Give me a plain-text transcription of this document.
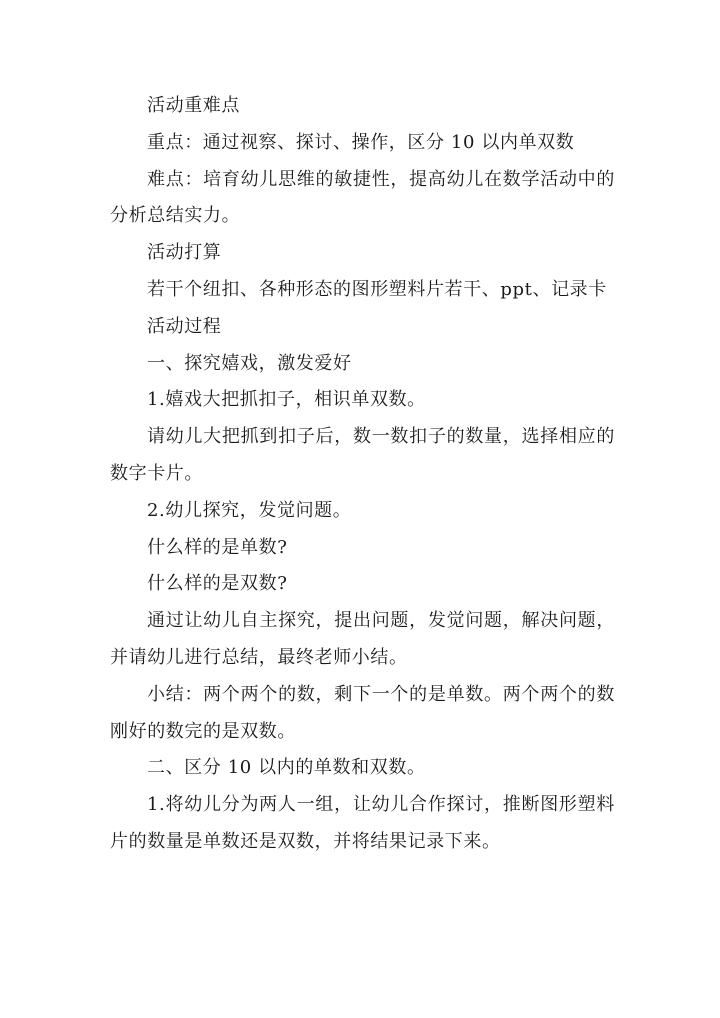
活动重难点

重点：通过视察、探讨、操作，区分 10 以内单双数

难点：培育幼儿思维的敏捷性，提高幼儿在数学活动中的分析总结实力。

活动打算

若干个纽扣、各种形态的图形塑料片若干、ppt、记录卡

活动过程

一、探究嬉戏，激发爱好

1.嬉戏大把抓扣子，相识单双数。

请幼儿大把抓到扣子后，数一数扣子的数量，选择相应的数字卡片。

2.幼儿探究，发觉问题。

什么样的是单数?

什么样的是双数?

通过让幼儿自主探究，提出问题，发觉问题，解决问题，并请幼儿进行总结，最终老师小结。

小结：两个两个的数，剩下一个的是单数。两个两个的数刚好的数完的是双数。

二、区分 10 以内的单数和双数。

1.将幼儿分为两人一组，让幼儿合作探讨，推断图形塑料片的数量是单数还是双数，并将结果记录下来。
